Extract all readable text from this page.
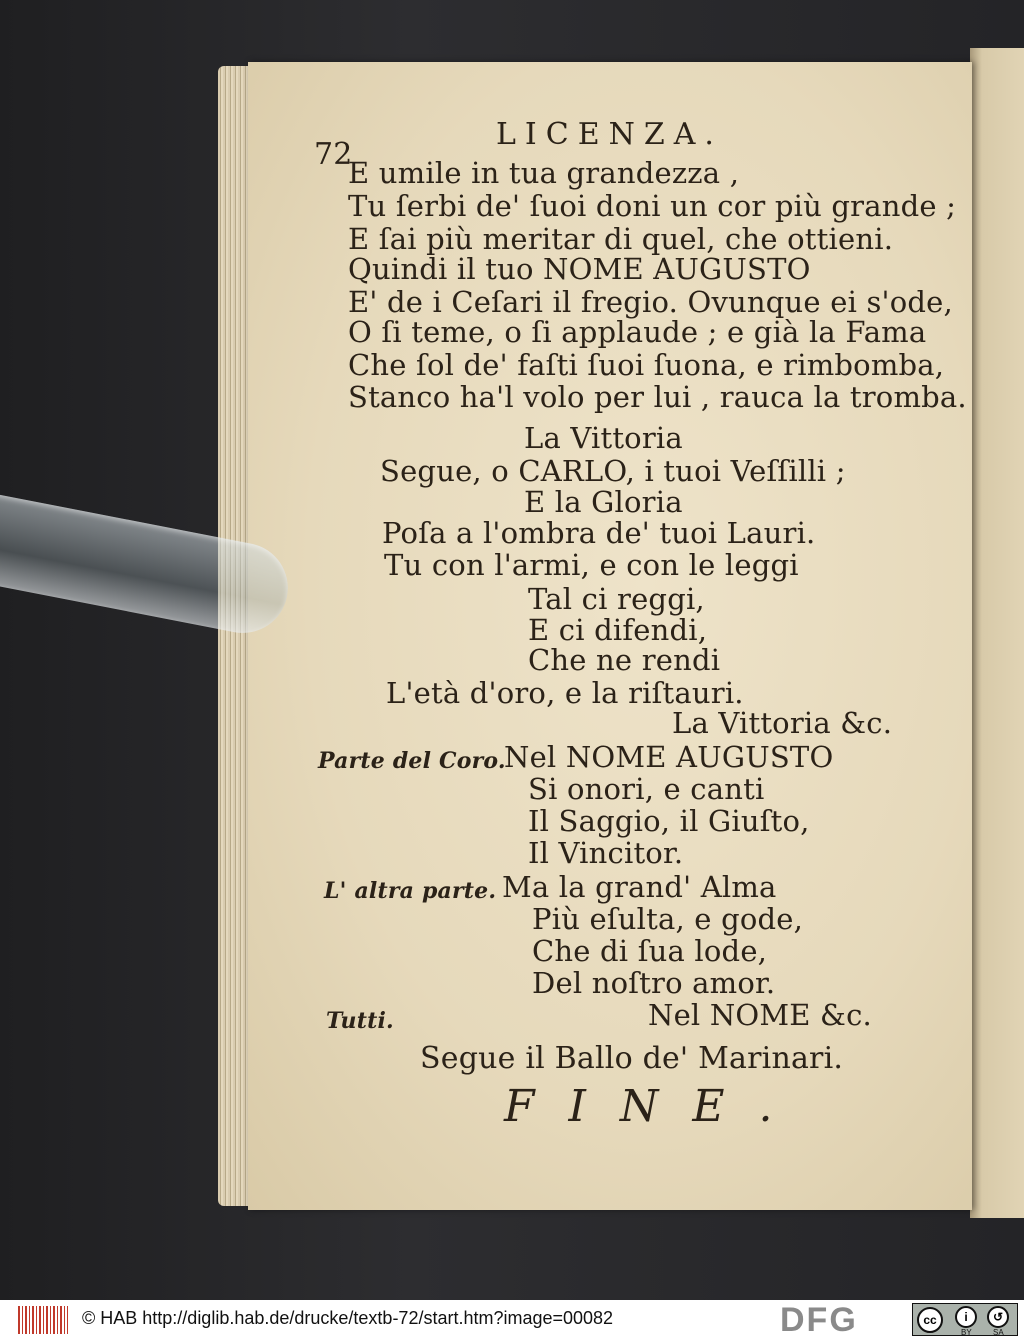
72
LICENZA.
E umile in tua grandezza ,
Tu ſerbi de' ſuoi doni un cor più grande ;
E ſai più meritar di quel, che ottieni.
Quindi il tuo NOME AUGUSTO
E' de i Ceſari il fregio. Ovunque ei s'ode,
O ſi teme, o ſi applaude ; e già la Fama
Che ſol de' faſti ſuoi ſuona, e rimbomba,
Stanco ha'l volo per lui , rauca la tromba.
La Vittoria
Segue, o CARLO, i tuoi Veſſilli ;
E la Gloria
Poſa a l'ombra de' tuoi Lauri.
Tu con l'armi, e con le leggi
Tal ci reggi,
E ci difendi,
Che ne rendi
L'età d'oro, e la riſtauri.
La Vittoria &c.
Parte del Coro.
Nel NOME AUGUSTO
Si onori, e canti
Il Saggio, il Giuſto,
Il Vincitor.
L' altra parte. Ma la grand' Alma
Più eſulta, e gode,
Che di ſua lode,
Del noſtro amor.
Tutti.	Nel NOME &c.
Segue il Ballo de' Marinari.
FINE.
© HAB http://diglib.hab.de/drucke/textb-72/start.htm?image=00082	DFG	cc	i	↺
BY	SA
